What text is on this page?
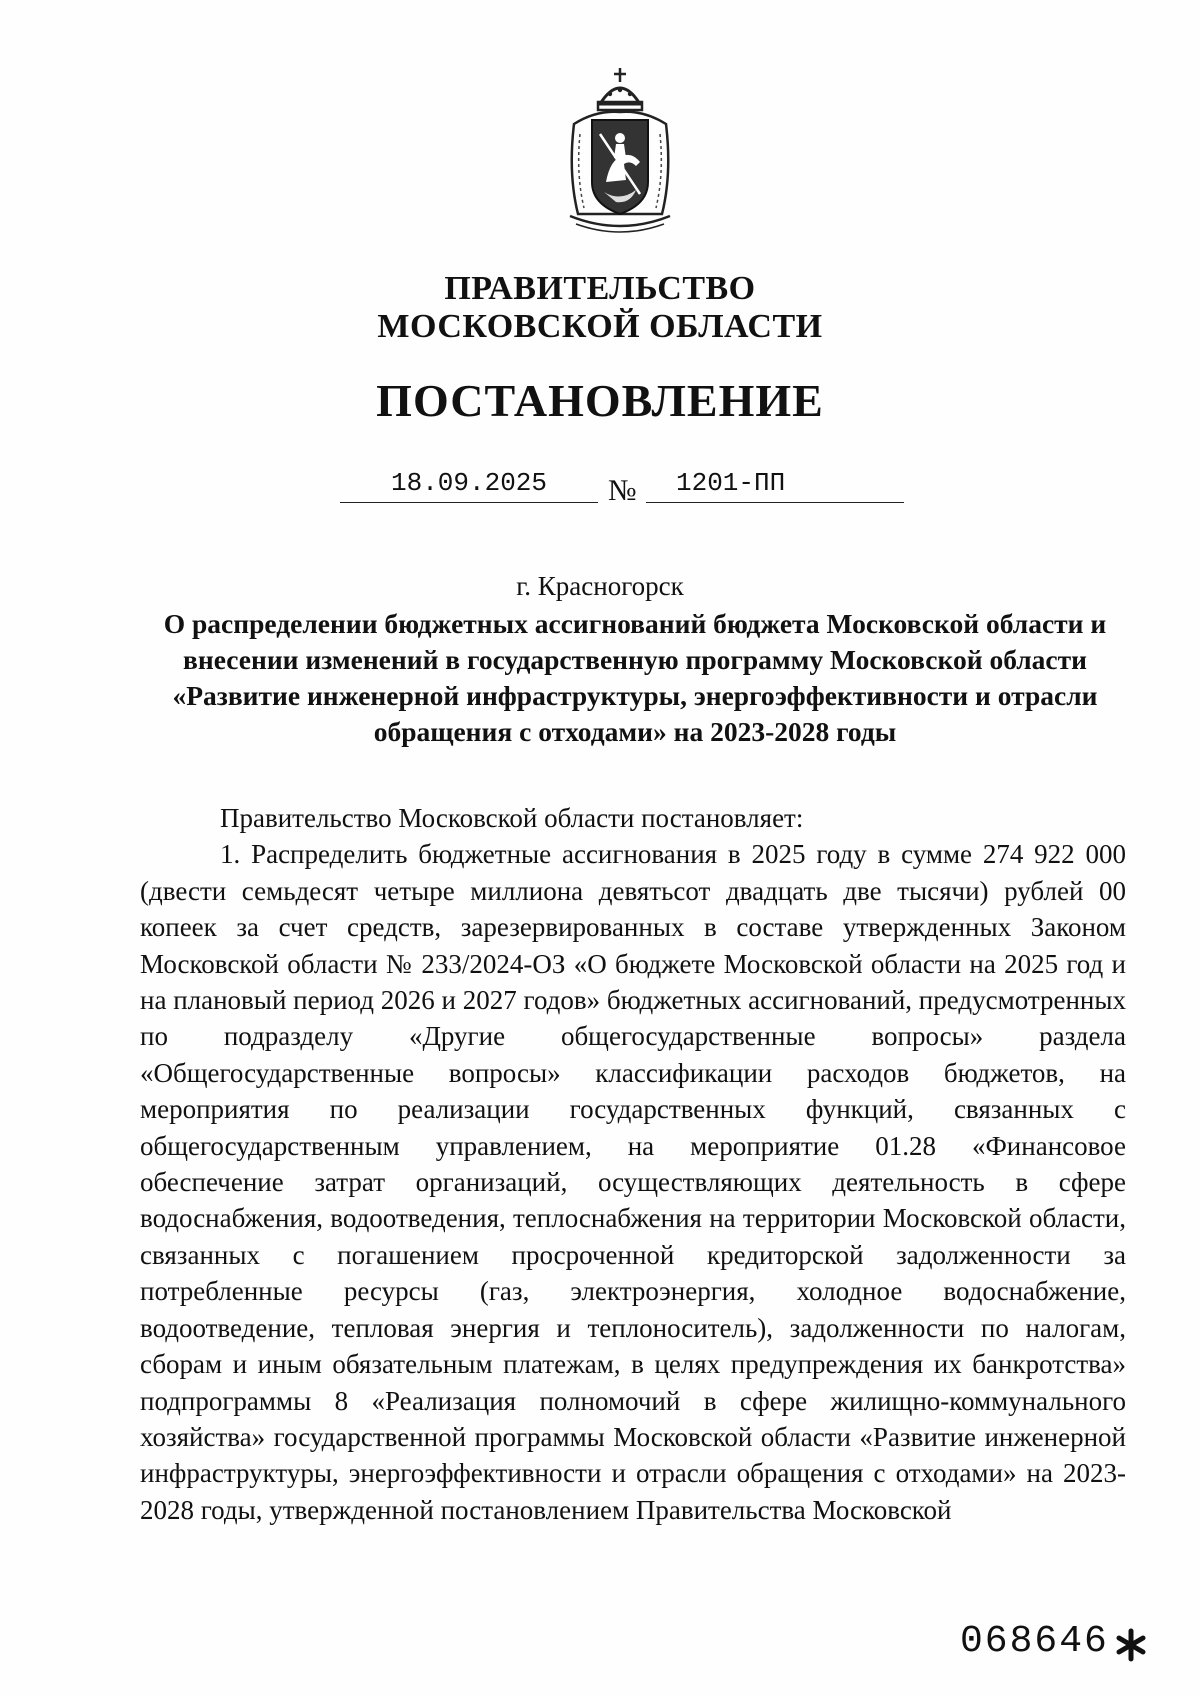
ПРАВИТЕЛЬСТВО
МОСКОВСКОЙ ОБЛАСТИ
ПОСТАНОВЛЕНИЕ
18.09.2025	№	1201-ПП
г. Красногорск
О распределении бюджетных ассигнований бюджета Московской области и внесении изменений в государственную программу Московской области «Развитие инженерной инфраструктуры, энергоэффективности и отрасли обращения с отходами» на 2023-2028 годы

Правительство Московской области постановляет:

1. Распределить бюджетные ассигнования в 2025 году в сумме 274 922 000 (двести семьдесят четыре миллиона девятьсот двадцать две тысячи) рублей 00 копеек за счет средств, зарезервированных в составе утвержденных Законом Московской области № 233/2024-ОЗ «О бюджете Московской области на 2025 год и на плановый период 2026 и 2027 годов» бюджетных ассигнований, предусмотренных по подразделу «Другие общегосударственные вопросы» раздела «Общегосударственные вопросы» классификации расходов бюджетов, на мероприятия по реализации государственных функций, связанных с общегосударственным управлением, на мероприятие 01.28 «Финансовое обеспечение затрат организаций, осуществляющих деятельность в сфере водоснабжения, водоотведения, теплоснабжения на территории Московской области, связанных с погашением просроченной кредиторской задолженности за потребленные ресурсы (газ, электроэнергия, холодное водоснабжение, водоотведение, тепловая энергия и теплоноситель), задолженности по налогам, сборам и иным обязательным платежам, в целях предупреждения их банкротства» подпрограммы 8 «Реализация полномочий в сфере жилищно-коммунального хозяйства» государственной программы Московской области «Развитие инженерной инфраструктуры, энергоэффективности и отрасли обращения с отходами» на 2023-2028 годы, утвержденной постановлением Правительства Московской

068646
